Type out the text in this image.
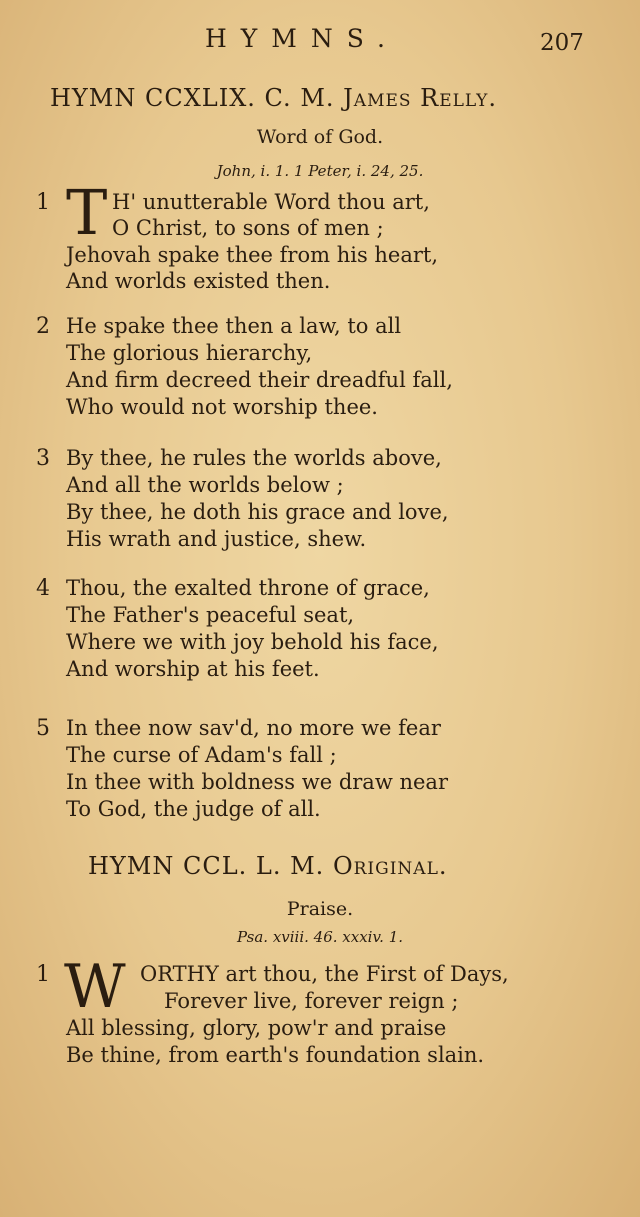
HYMNS.	207
HYMN CCXLIX. C. M. James Relly.
Word of God.
John, i. 1. 1 Peter, i. 24, 25.
1 T H' unutterable Word thou art,
O Christ, to sons of men ;
Jehovah spake thee from his heart,
And worlds existed then.
2 He spake thee then a law, to all
The glorious hierarchy,
And firm decreed their dreadful fall,
Who would not worship thee.
3 By thee, he rules the worlds above,
And all the worlds below ;
By thee, he doth his grace and love,
His wrath and justice, shew.
4 Thou, the exalted throne of grace,
The Father's peaceful seat,
Where we with joy behold his face,
And worship at his feet.
5 In thee now sav'd, no more we fear
The curse of Adam's fall ;
In thee with boldness we draw near
To God, the judge of all.
HYMN CCL. L. M. Original.
Praise.
Psa. xviii. 46. xxxiv. 1.
1 W ORTHY art thou, the First of Days,
Forever live, forever reign ;
All blessing, glory, pow'r and praise
Be thine, from earth's foundation slain.
